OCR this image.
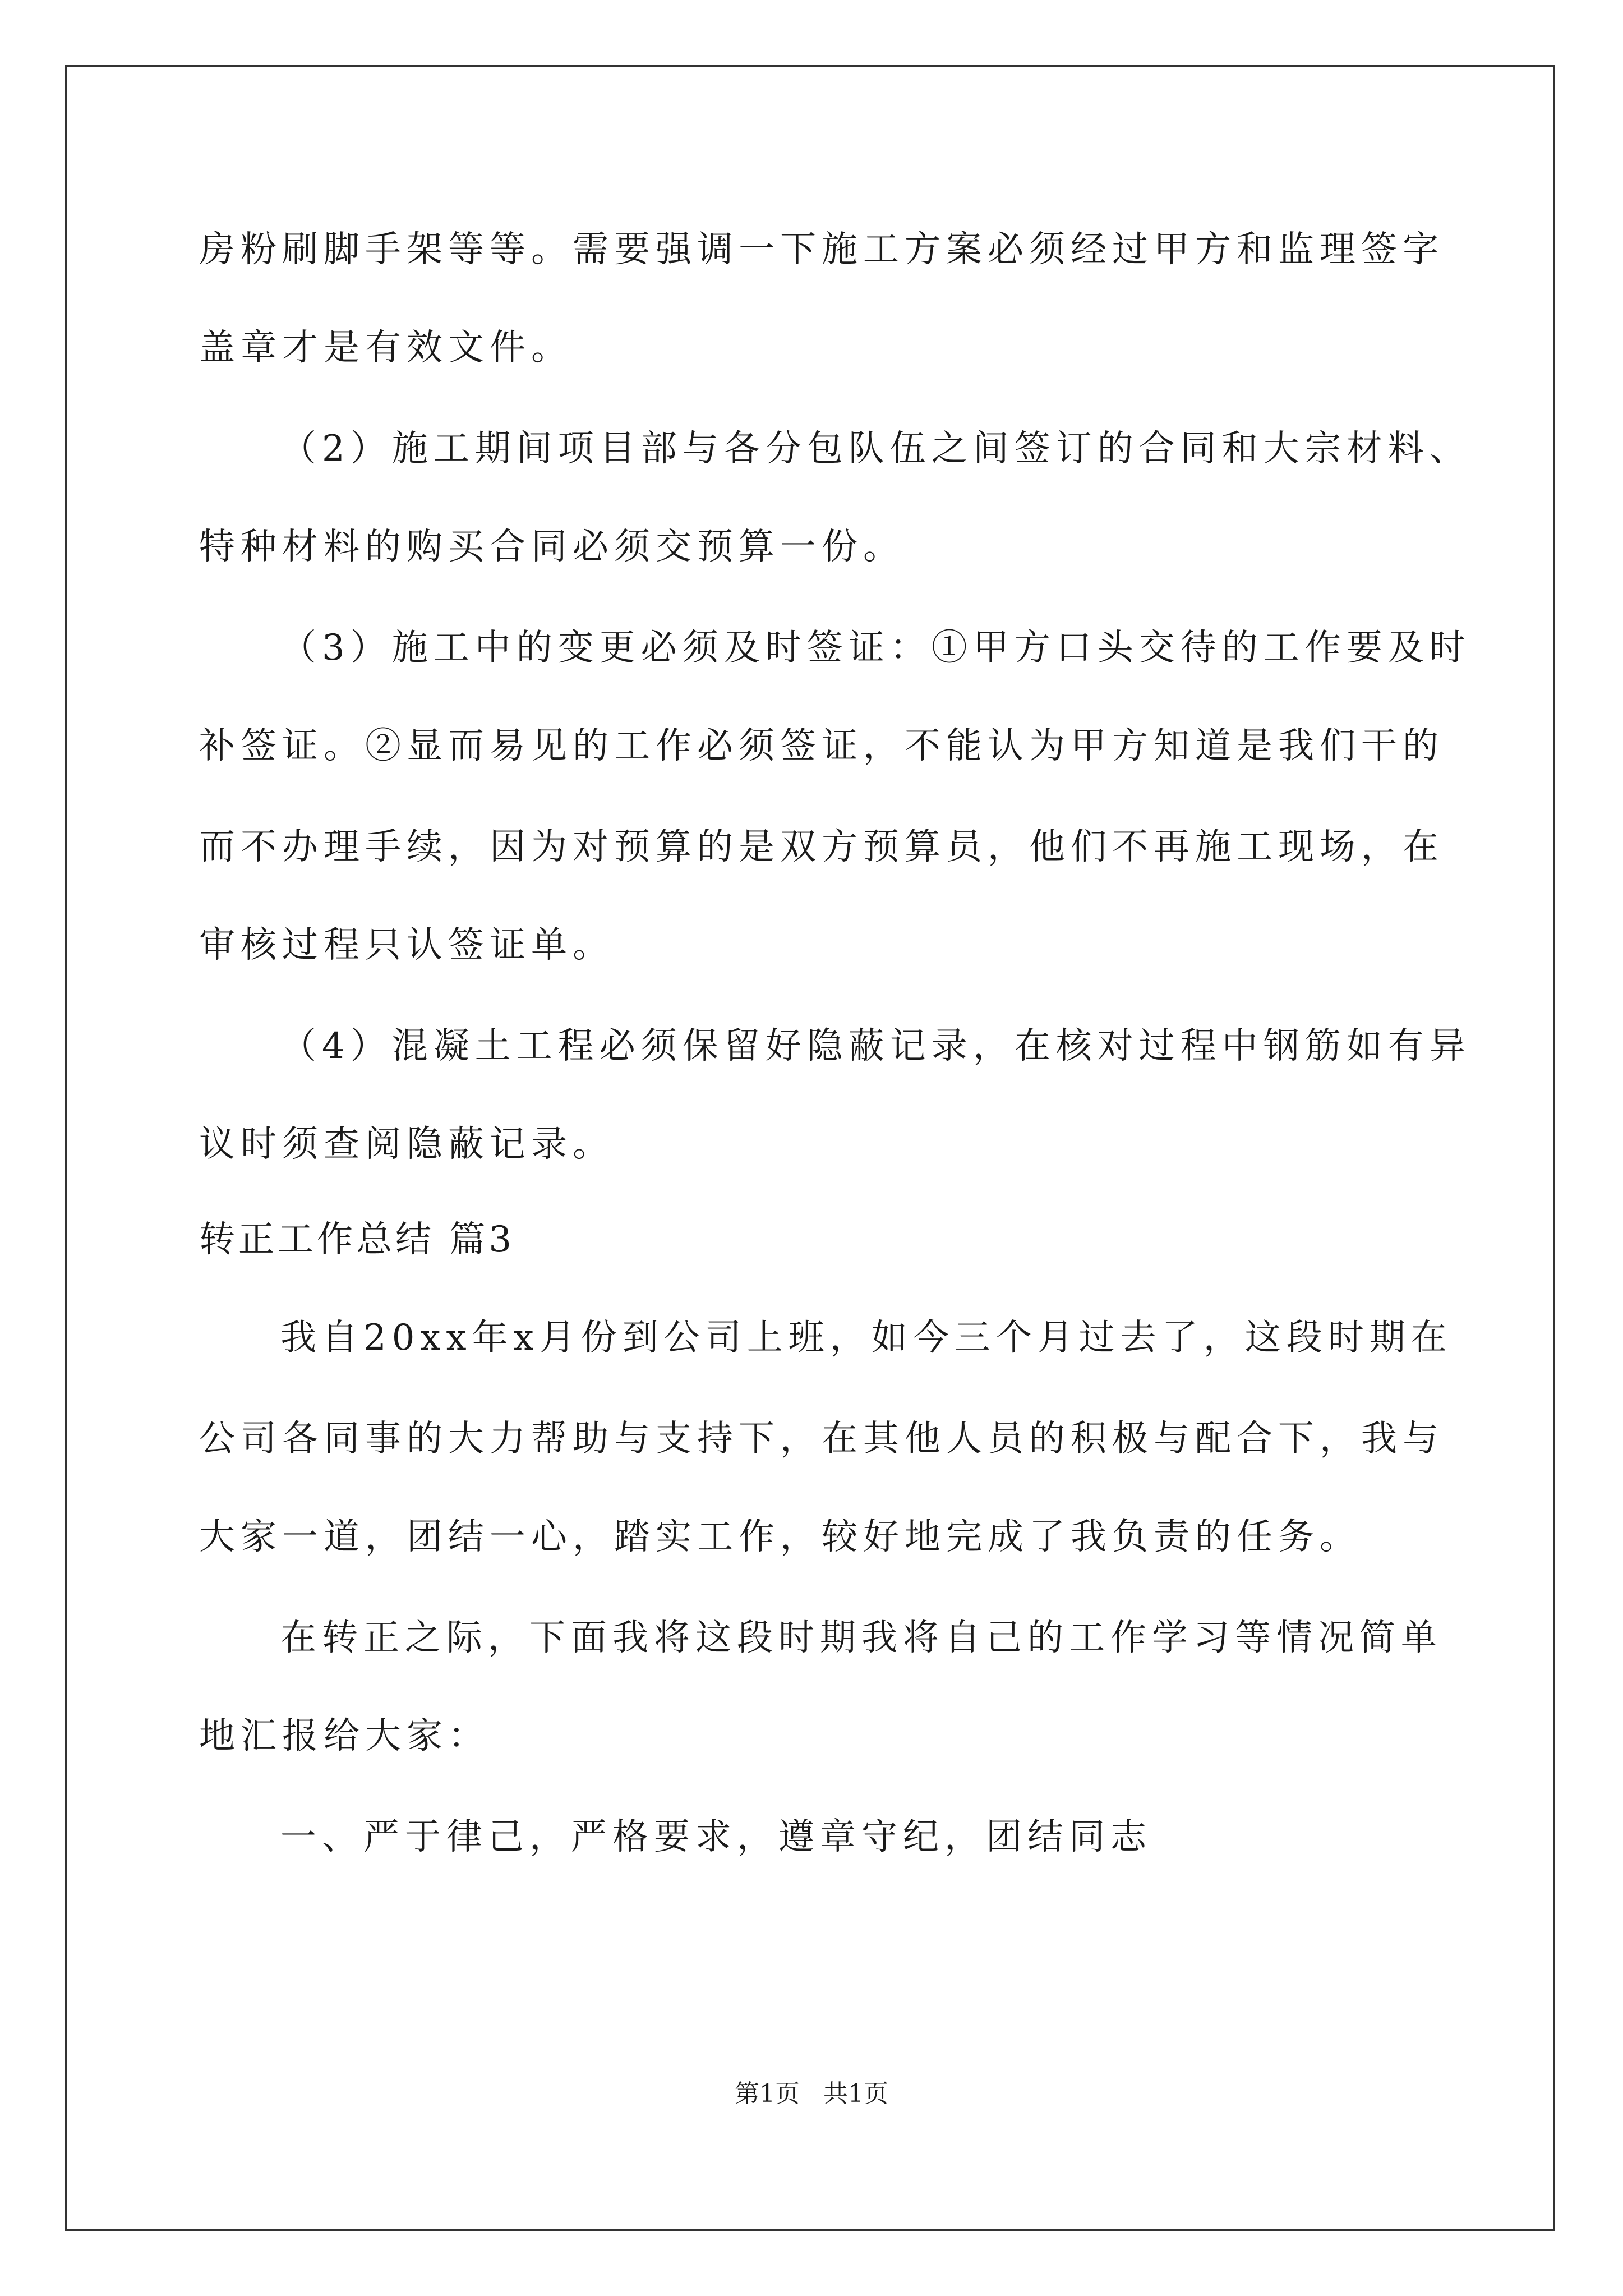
房粉刷脚手架等等。需要强调一下施工方案必须经过甲方和监理签字
盖章才是有效文件。
（2）施工期间项目部与各分包队伍之间签订的合同和大宗材料、
特种材料的购买合同必须交预算一份。
（3）施工中的变更必须及时签证：①甲方口头交待的工作要及时
补签证。②显而易见的工作必须签证，不能认为甲方知道是我们干的
而不办理手续，因为对预算的是双方预算员，他们不再施工现场，在
审核过程只认签证单。
（4）混凝土工程必须保留好隐蔽记录，在核对过程中钢筋如有异
议时须查阅隐蔽记录。
转正工作总结 篇3
我自20xx年x月份到公司上班，如今三个月过去了，这段时期在
公司各同事的大力帮助与支持下，在其他人员的积极与配合下，我与
大家一道，团结一心，踏实工作，较好地完成了我负责的任务。
在转正之际，下面我将这段时期我将自己的工作学习等情况简单
地汇报给大家：
一、严于律己，严格要求，遵章守纪，团结同志
第1页   共1页
